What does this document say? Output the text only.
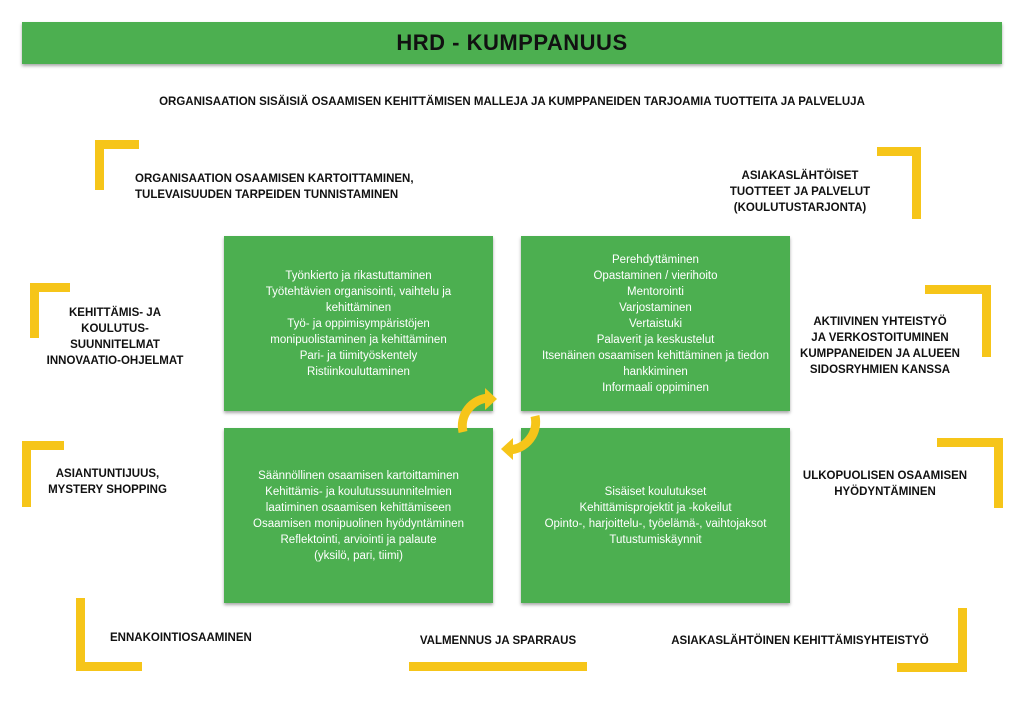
HRD - KUMPPANUUS
ORGANISAATION SISÄISIÄ OSAAMISEN KEHITTÄMISEN MALLEJA JA KUMPPANEIDEN TARJOAMIA TUOTTEITA JA PALVELUJA
Työnkierto ja rikastuttaminen
Työtehtävien organisointi, vaihtelu ja
kehittäminen
Työ- ja oppimisympäristöjen
monipuolistaminen ja kehittäminen
Pari- ja tiimityöskentely
Ristiinkouluttaminen
Perehdyttäminen
Opastaminen / vierihoito
Mentorointi
Varjostaminen
Vertaistuki
Palaverit ja keskustelut
Itsenäinen osaamisen kehittäminen ja tiedon
hankkiminen
Informaali oppiminen
Säännöllinen osaamisen kartoittaminen
Kehittämis- ja koulutussuunnitelmien
laatiminen osaamisen kehittämiseen
Osaamisen monipuolinen hyödyntäminen
Reflektointi, arviointi ja palaute
(yksilö, pari, tiimi)
Sisäiset koulutukset
Kehittämisprojektit ja -kokeilut
Opinto-, harjoittelu-, työelämä-, vaihtojaksot
Tutustumiskäynnit
ORGANISAATION OSAAMISEN KARTOITTAMINEN,
TULEVAISUUDEN TARPEIDEN TUNNISTAMINEN
ASIAKASLÄHTÖISET
TUOTTEET JA PALVELUT
(KOULUTUSTARJONTA)
KEHITTÄMIS- JA
KOULUTUS-
SUUNNITELMAT
INNOVAATIO-OHJELMAT
AKTIIVINEN YHTEISTYÖ
JA VERKOSTOITUMINEN
KUMPPANEIDEN JA ALUEEN
SIDOSRYHMIEN KANSSA
ASIANTUNTIJUUS,
MYSTERY SHOPPING
ULKOPUOLISEN OSAAMISEN
HYÖDYNTÄMINEN
ENNAKOINTIOSAAMINEN	VALMENNUS JA SPARRAUS	ASIAKASLÄHTÖINEN KEHITTÄMISYHTEISTYÖ
